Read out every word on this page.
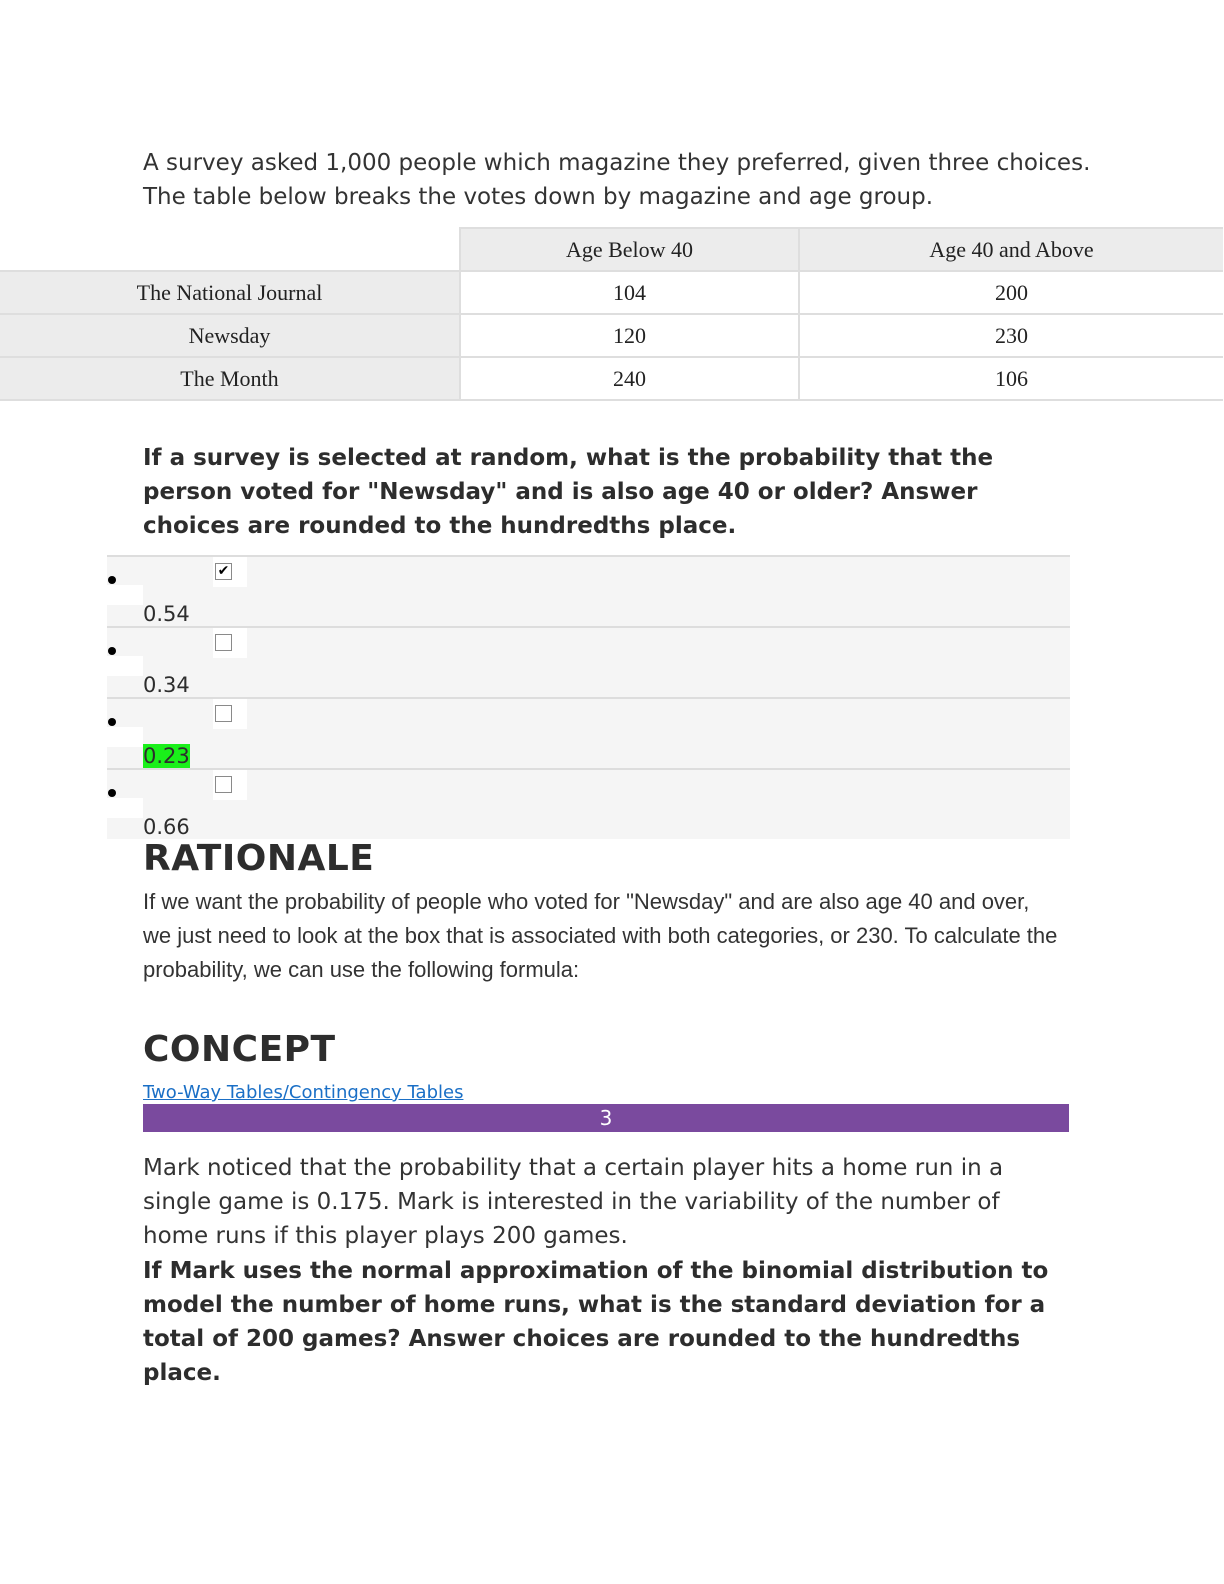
A survey asked 1,000 people which magazine they preferred, given three choices. The table below breaks the votes down by magazine and age group.

	Age Below 40	Age 40 and Above
The National Journal	104	200
Newsday	120	230
The Month	240	106

If a survey is selected at random, what is the probability that the person voted for "Newsday" and is also age 40 or older? Answer choices are rounded to the hundredths place.

✔
0.54
0.34
0.23
0.66
RATIONALE

If we want the probability of people who voted for "Newsday" and are also age 40 and over, we just need to look at the box that is associated with both categories, or 230. To calculate the probability, we can use the following formula:

CONCEPT
Two-Way Tables/Contingency Tables
3

Mark noticed that the probability that a certain player hits a home run in a single game is 0.175. Mark is interested in the variability of the number of home runs if this player plays 200 games.

If Mark uses the normal approximation of the binomial distribution to model the number of home runs, what is the standard deviation for a total of 200 games? Answer choices are rounded to the hundredths place.
